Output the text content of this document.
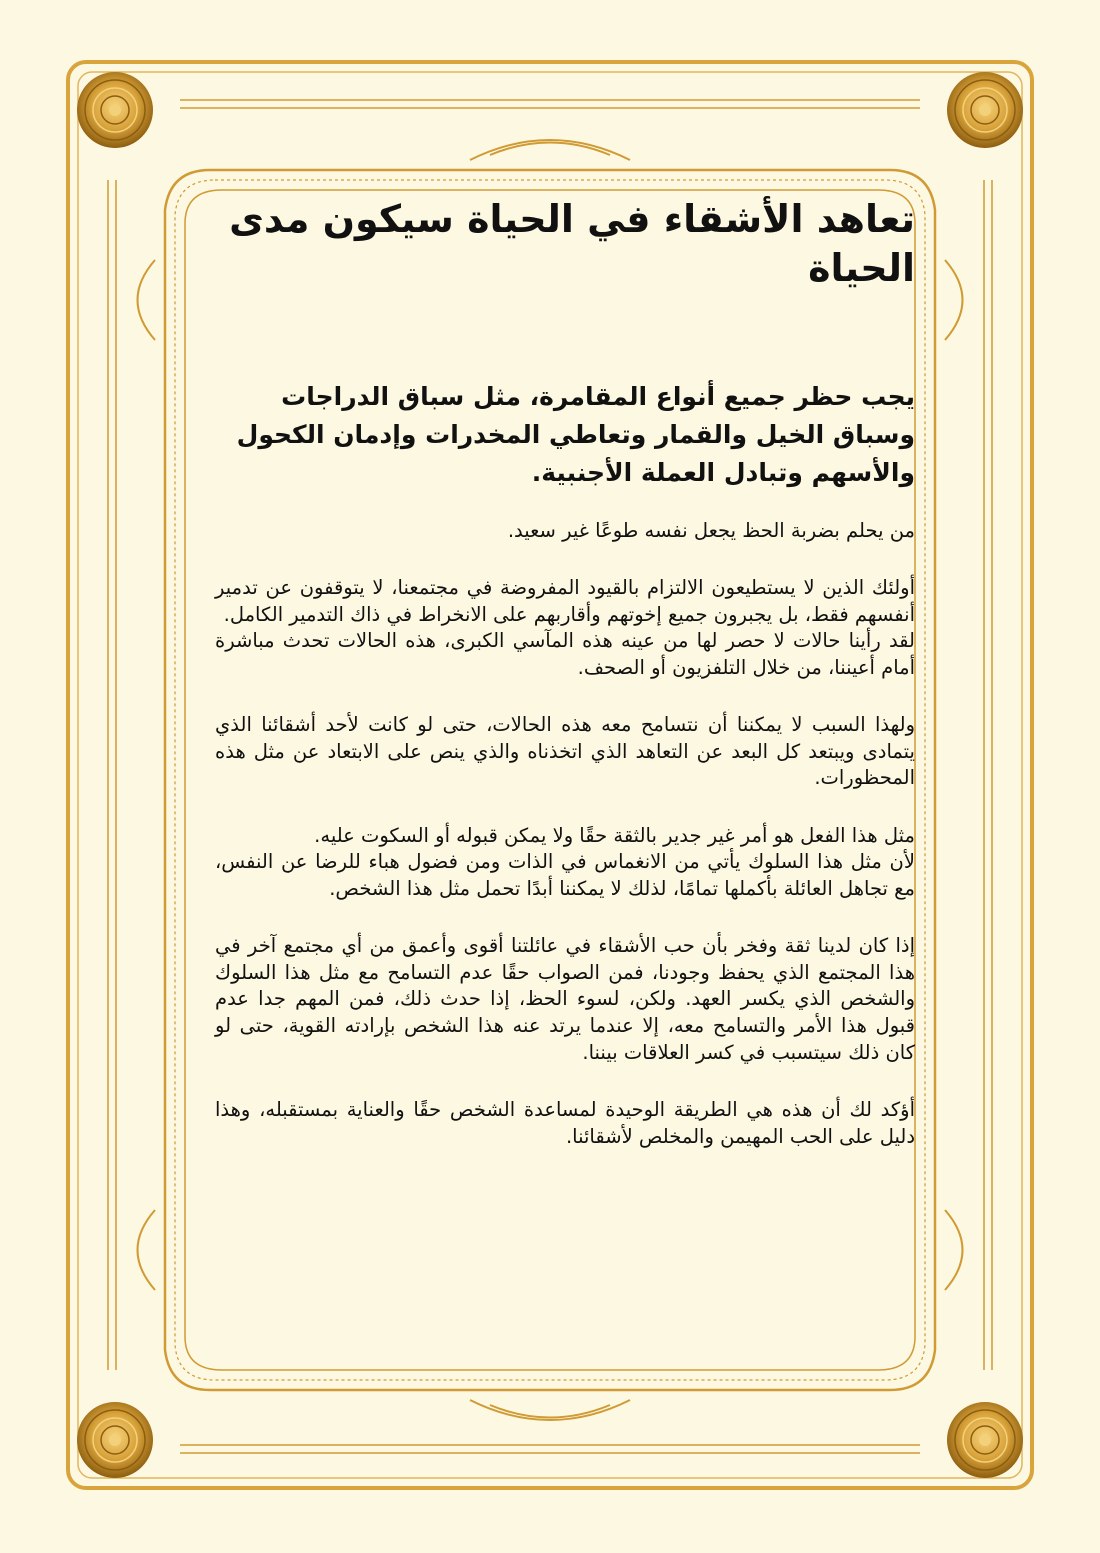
تعاهد الأشقاء في الحياة سيكون مدى الحياة

يجب حظر جميع أنواع المقامرة، مثل سباق الدراجات وسباق الخيل والقمار وتعاطي المخدرات وإدمان الكحول والأسهم وتبادل العملة الأجنبية.

من يحلم بضربة الحظ يجعل نفسه طوعًا غير سعيد.

أولئك الذين لا يستطيعون الالتزام بالقيود المفروضة في مجتمعنا، لا يتوقفون عن تدمير أنفسهم فقط، بل يجبرون جميع إخوتهم وأقاربهم على الانخراط في ذاك التدمير الكامل.
لقد رأينا حالات لا حصر لها من عينه هذه المآسي الكبرى، هذه الحالات تحدث مباشرة أمام أعيننا، من خلال التلفزيون أو الصحف.

ولهذا السبب لا يمكننا أن نتسامح معه هذه الحالات، حتى لو كانت لأحد أشقائنا الذي يتمادى ويبتعد كل البعد عن التعاهد الذي اتخذناه والذي ينص على الابتعاد عن مثل هذه المحظورات.

مثل هذا الفعل هو أمر غير جدير بالثقة حقًا ولا يمكن قبوله أو السكوت عليه.
لأن مثل هذا السلوك يأتي من الانغماس في الذات ومن فضول هباء للرضا عن النفس، مع تجاهل العائلة بأكملها تمامًا، لذلك لا يمكننا أبدًا تحمل مثل هذا الشخص.

إذا كان لدينا ثقة وفخر بأن حب الأشقاء في عائلتنا أقوى وأعمق من أي مجتمع آخر في هذا المجتمع الذي يحفظ وجودنا، فمن الصواب حقًا عدم التسامح مع مثل هذا السلوك والشخص الذي يكسر العهد. ولكن، لسوء الحظ، إذا حدث ذلك، فمن المهم جدا عدم قبول هذا الأمر والتسامح معه، إلا عندما يرتد عنه هذا الشخص بإرادته القوية، حتى لو كان ذلك سيتسبب في كسر العلاقات بيننا.

أؤكد لك أن هذه هي الطريقة الوحيدة لمساعدة الشخص حقًا والعناية بمستقبله، وهذا دليل على الحب المهيمن والمخلص لأشقائنا.
